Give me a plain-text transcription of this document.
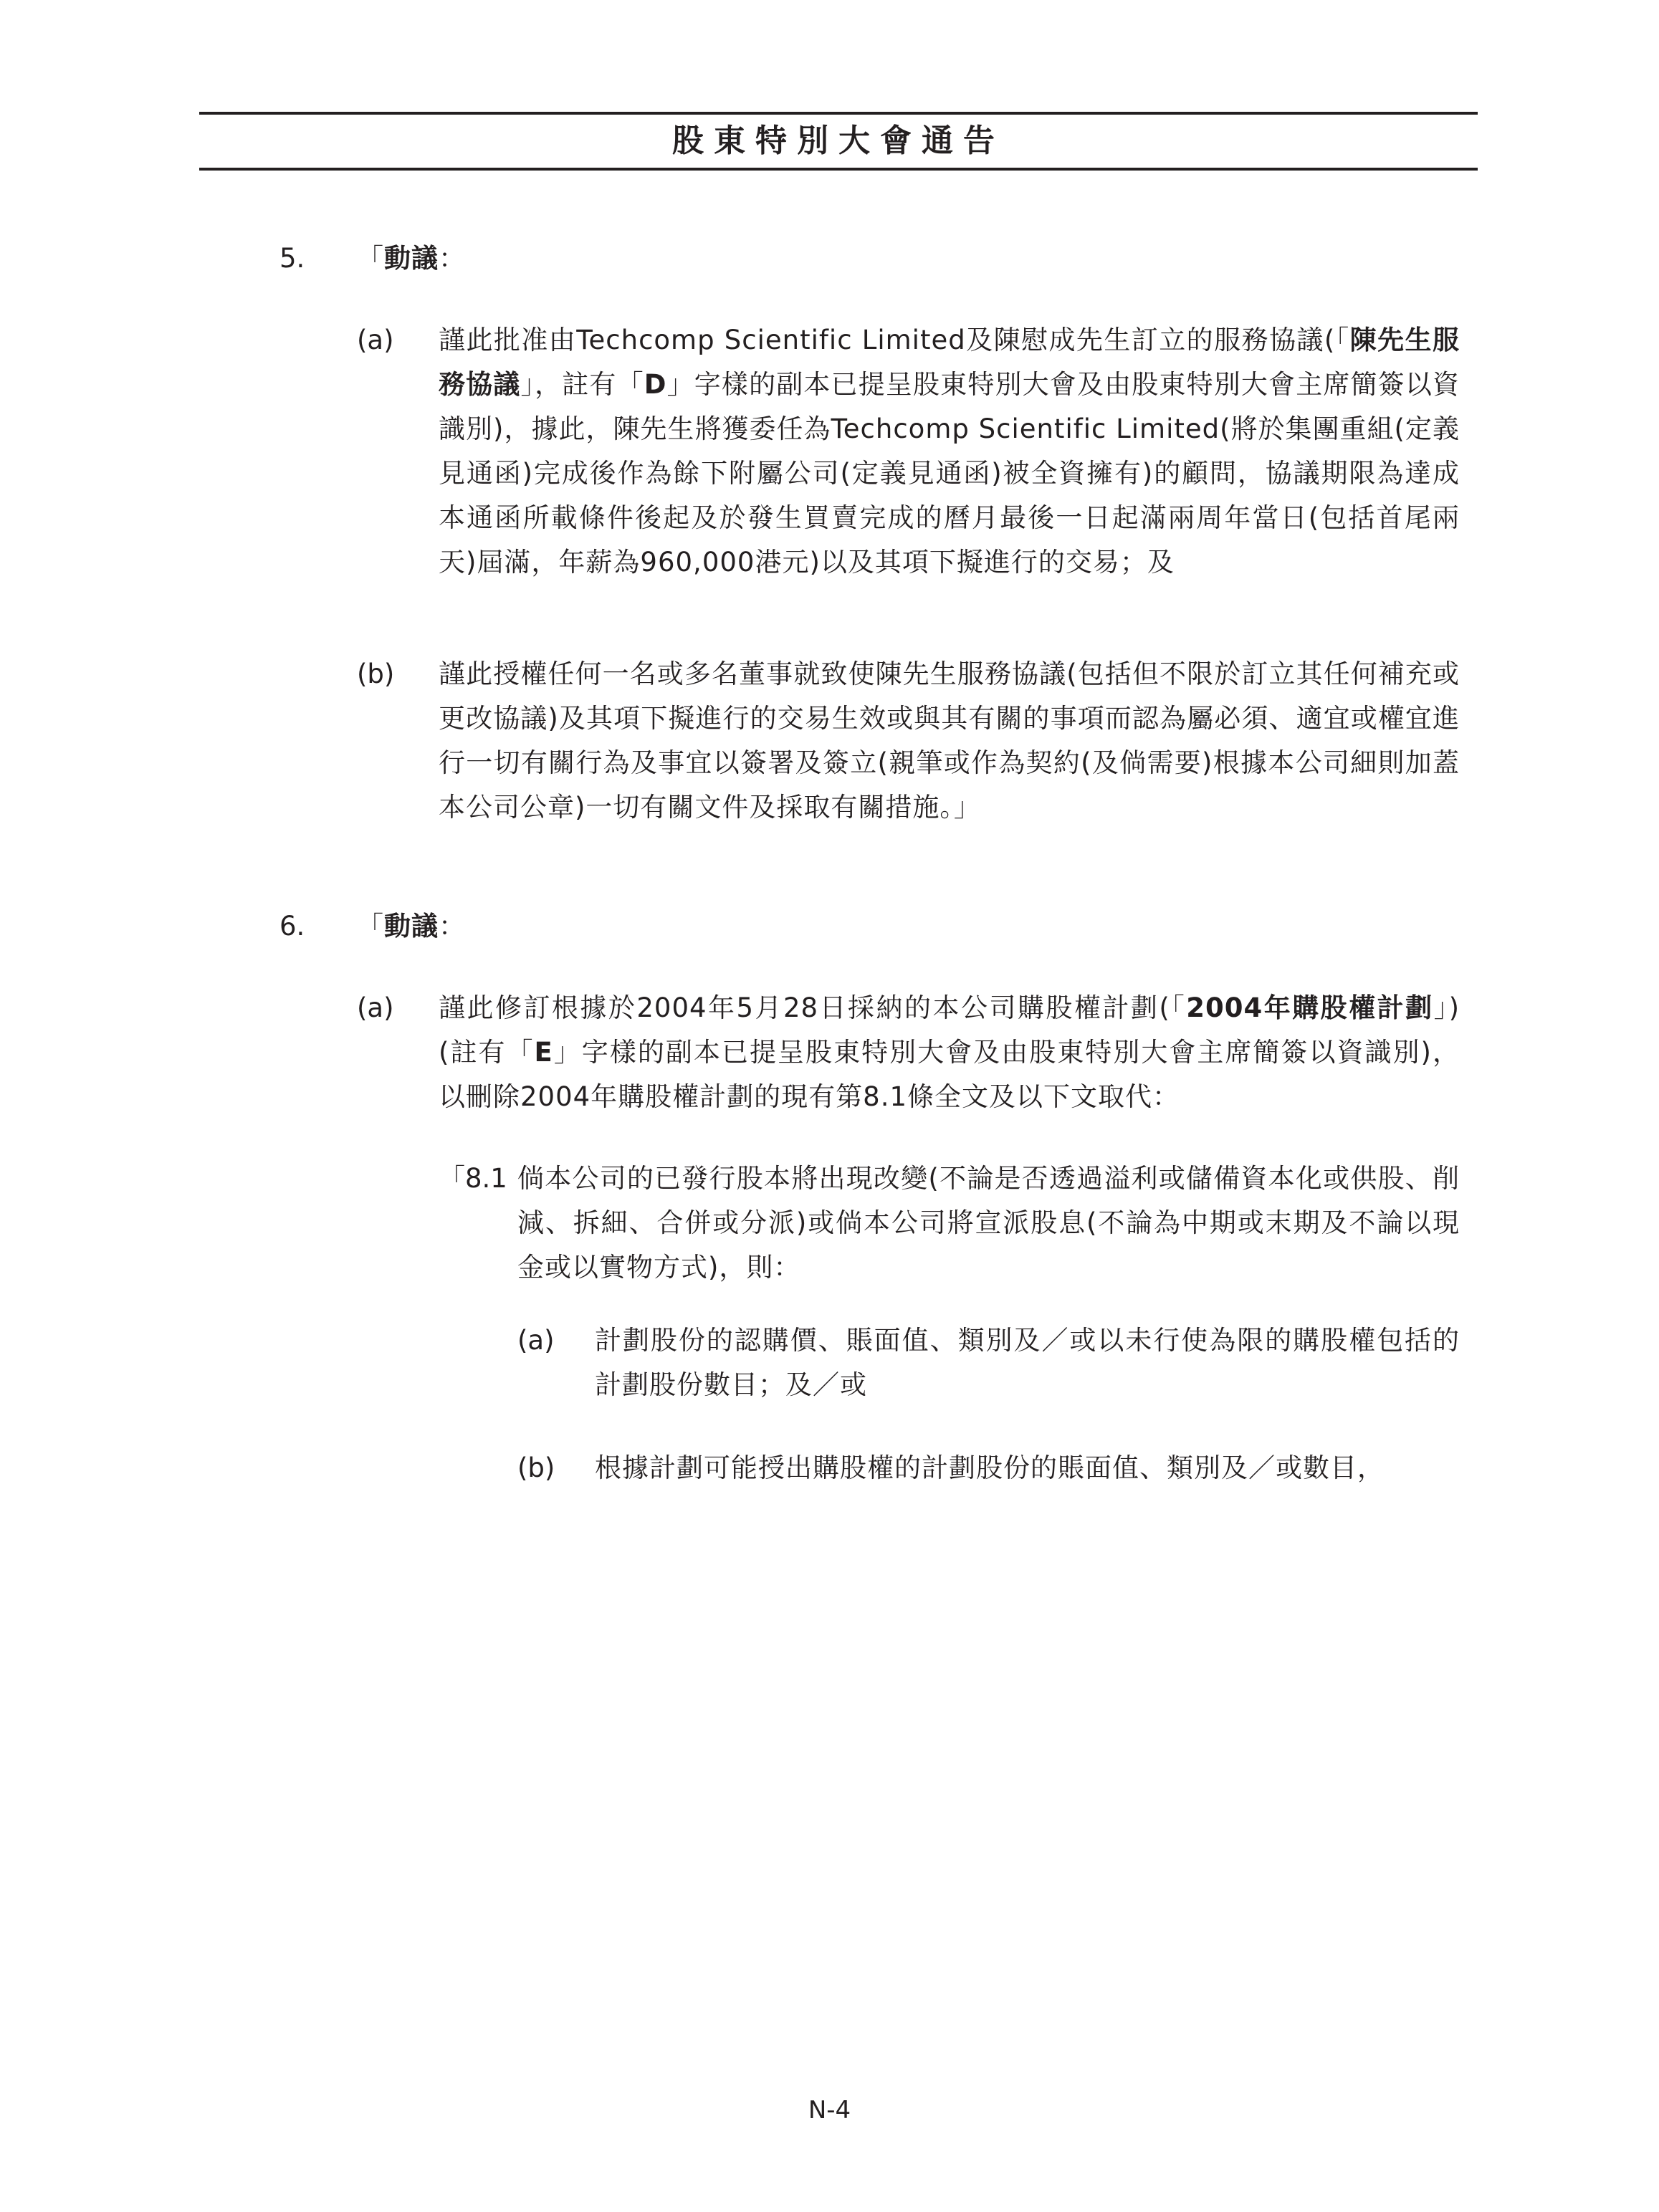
股東特別大會通告
5. 「動議：
(a) 謹此批准由Techcomp Scientific Limited及陳慰成先生訂立的服務協議(「陳先生服務協議」，註有「D」字樣的副本已提呈股東特別大會及由股東特別大會主席簡簽以資識別)，據此，陳先生將獲委任為Techcomp Scientific Limited(將於集團重組(定義見通函)完成後作為餘下附屬公司(定義見通函)被全資擁有)的顧問，協議期限為達成本通函所載條件後起及於發生買賣完成的曆月最後一日起滿兩周年當日(包括首尾兩天)屆滿，年薪為960,000港元)以及其項下擬進行的交易；及
(b) 謹此授權任何一名或多名董事就致使陳先生服務協議(包括但不限於訂立其任何補充或更改協議)及其項下擬進行的交易生效或與其有關的事項而認為屬必須、適宜或權宜進行一切有關行為及事宜以簽署及簽立(親筆或作為契約(及倘需要)根據本公司細則加蓋本公司公章)一切有關文件及採取有關措施。」
6. 「動議：
(a) 謹此修訂根據於2004年5月28日採納的本公司購股權計劃(「2004年購股權計劃」)(註有「E」字樣的副本已提呈股東特別大會及由股東特別大會主席簡簽以資識別)，以刪除2004年購股權計劃的現有第8.1條全文及以下文取代：
「8.1 倘本公司的已發行股本將出現改變(不論是否透過溢利或儲備資本化或供股、削減、拆細、合併或分派)或倘本公司將宣派股息(不論為中期或末期及不論以現金或以實物方式)，則：
(a) 計劃股份的認購價、賬面值、類別及／或以未行使為限的購股權包括的計劃股份數目；及／或
(b) 根據計劃可能授出購股權的計劃股份的賬面值、類別及／或數目，
N-4
